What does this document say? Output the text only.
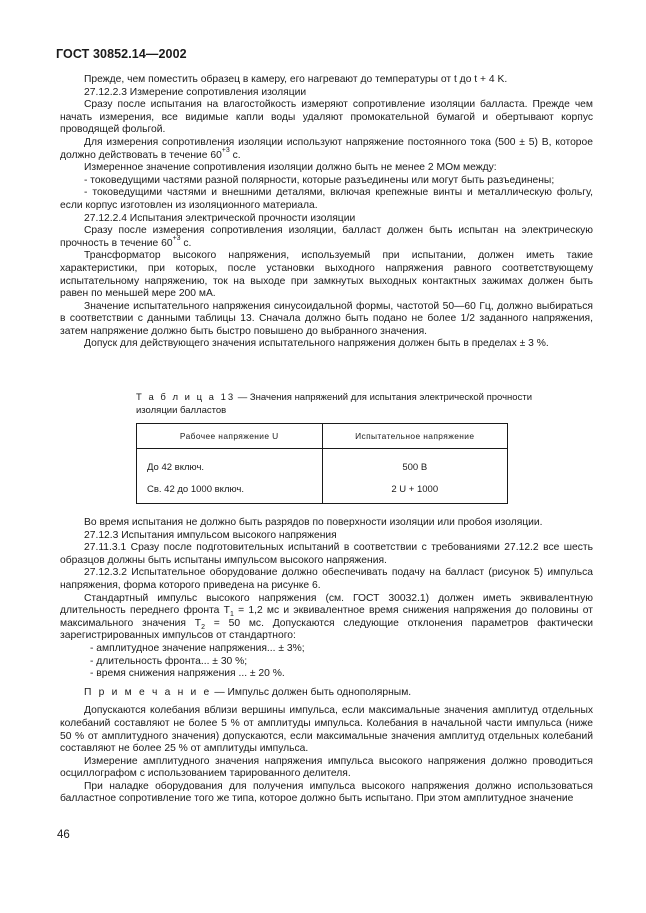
ГОСТ 30852.14—2002

Прежде, чем поместить образец в камеру, его нагревают до температуры от t до t + 4 K.

27.12.2.3 Измерение сопротивления изоляции

Сразу после испытания на влагостойкость измеряют сопротивление изоляции балласта. Прежде чем начать измерения, все видимые капли воды удаляют промокательной бумагой и обертывают корпус проводящей фольгой.

Для измерения сопротивления изоляции используют напряжение постоянного тока (500 ± 5) В, которое должно действовать в течение $60^{+3}$ с.

Измеренное значение сопротивления изоляции должно быть не менее 2 МОм между:

- токоведущими частями разной полярности, которые разъединены или могут быть разъединены;

- токоведущими частями и внешними деталями, включая крепежные винты и металлическую фольгу, если корпус изготовлен из изоляционного материала.

27.12.2.4 Испытания электрической прочности изоляции

Сразу после измерения сопротивления изоляции, балласт должен быть испытан на электрическую прочность в течение $60^{+3}$ с.

Трансформатор высокого напряжения, используемый при испытании, должен иметь такие характеристики, при которых, после установки выходного напряжения равного соответствующему испытательному напряжению, ток на выходе при замкнутых выходных контактных зажимах должен быть равен по меньшей мере 200 мА.

Значение испытательного напряжения синусоидальной формы, частотой 50—60 Гц, должно выбираться в соответствии с данными таблицы 13. Сначала должно быть подано не более 1/2 заданного напряжения, затем напряжение должно быть быстро повышено до выбранного значения.

Допуск для действующего значения испытательного напряжения должен быть в пределах ± 3 %.

Т а б л и ц а 13 — Значения напряжений для испытания электрической прочности изоляции балластов
Рабочее напряжение U	Испытательное напряжение
До 42 включ.	500 В
Св. 42 до 1000 включ.	2 U + 1000

Во время испытания не должно быть разрядов по поверхности изоляции или пробоя изоляции.

27.12.3 Испытания импульсом высокого напряжения

27.11.3.1 Сразу после подготовительных испытаний в соответствии с требованиями 27.12.2 все шесть образцов должны быть испытаны импульсом высокого напряжения.

27.12.3.2 Испытательное оборудование должно обеспечивать подачу на балласт (рисунок 5) импульса напряжения, форма которого приведена на рисунке 6.

Стандартный импульс высокого напряжения (см. ГОСТ 30032.1) должен иметь эквивалентную длительность переднего фронта $T_1 = 1,2$ мс и эквивалентное время снижения напряжения до половины от максимального значения $T_2 = 50$ мс. Допускаются следующие отклонения параметров фактически зарегистрированных импульсов от стандартного:

- амплитудное значение напряжения... ± 3%;

- длительность фронта... ± 30 %;

- время снижения напряжения ... ± 20 %.

П р и м е ч а н и е — Импульс должен быть однополярным.

Допускаются колебания вблизи вершины импульса, если максимальные значения амплитуд отдельных колебаний составляют не более 5 % от амплитуды импульса. Колебания в начальной части импульса (ниже 50 % от амплитудного значения) допускаются, если максимальные значения амплитуд отдельных колебаний составляют не более 25 % от амплитуды импульса.

Измерение амплитудного значения напряжения импульса высокого напряжения должно проводиться осциллографом с использованием тарированного делителя.

При наладке оборудования для получения импульса высокого напряжения должно использоваться балластное сопротивление того же типа, которое должно быть испытано. При этом амплитудное значение

46
